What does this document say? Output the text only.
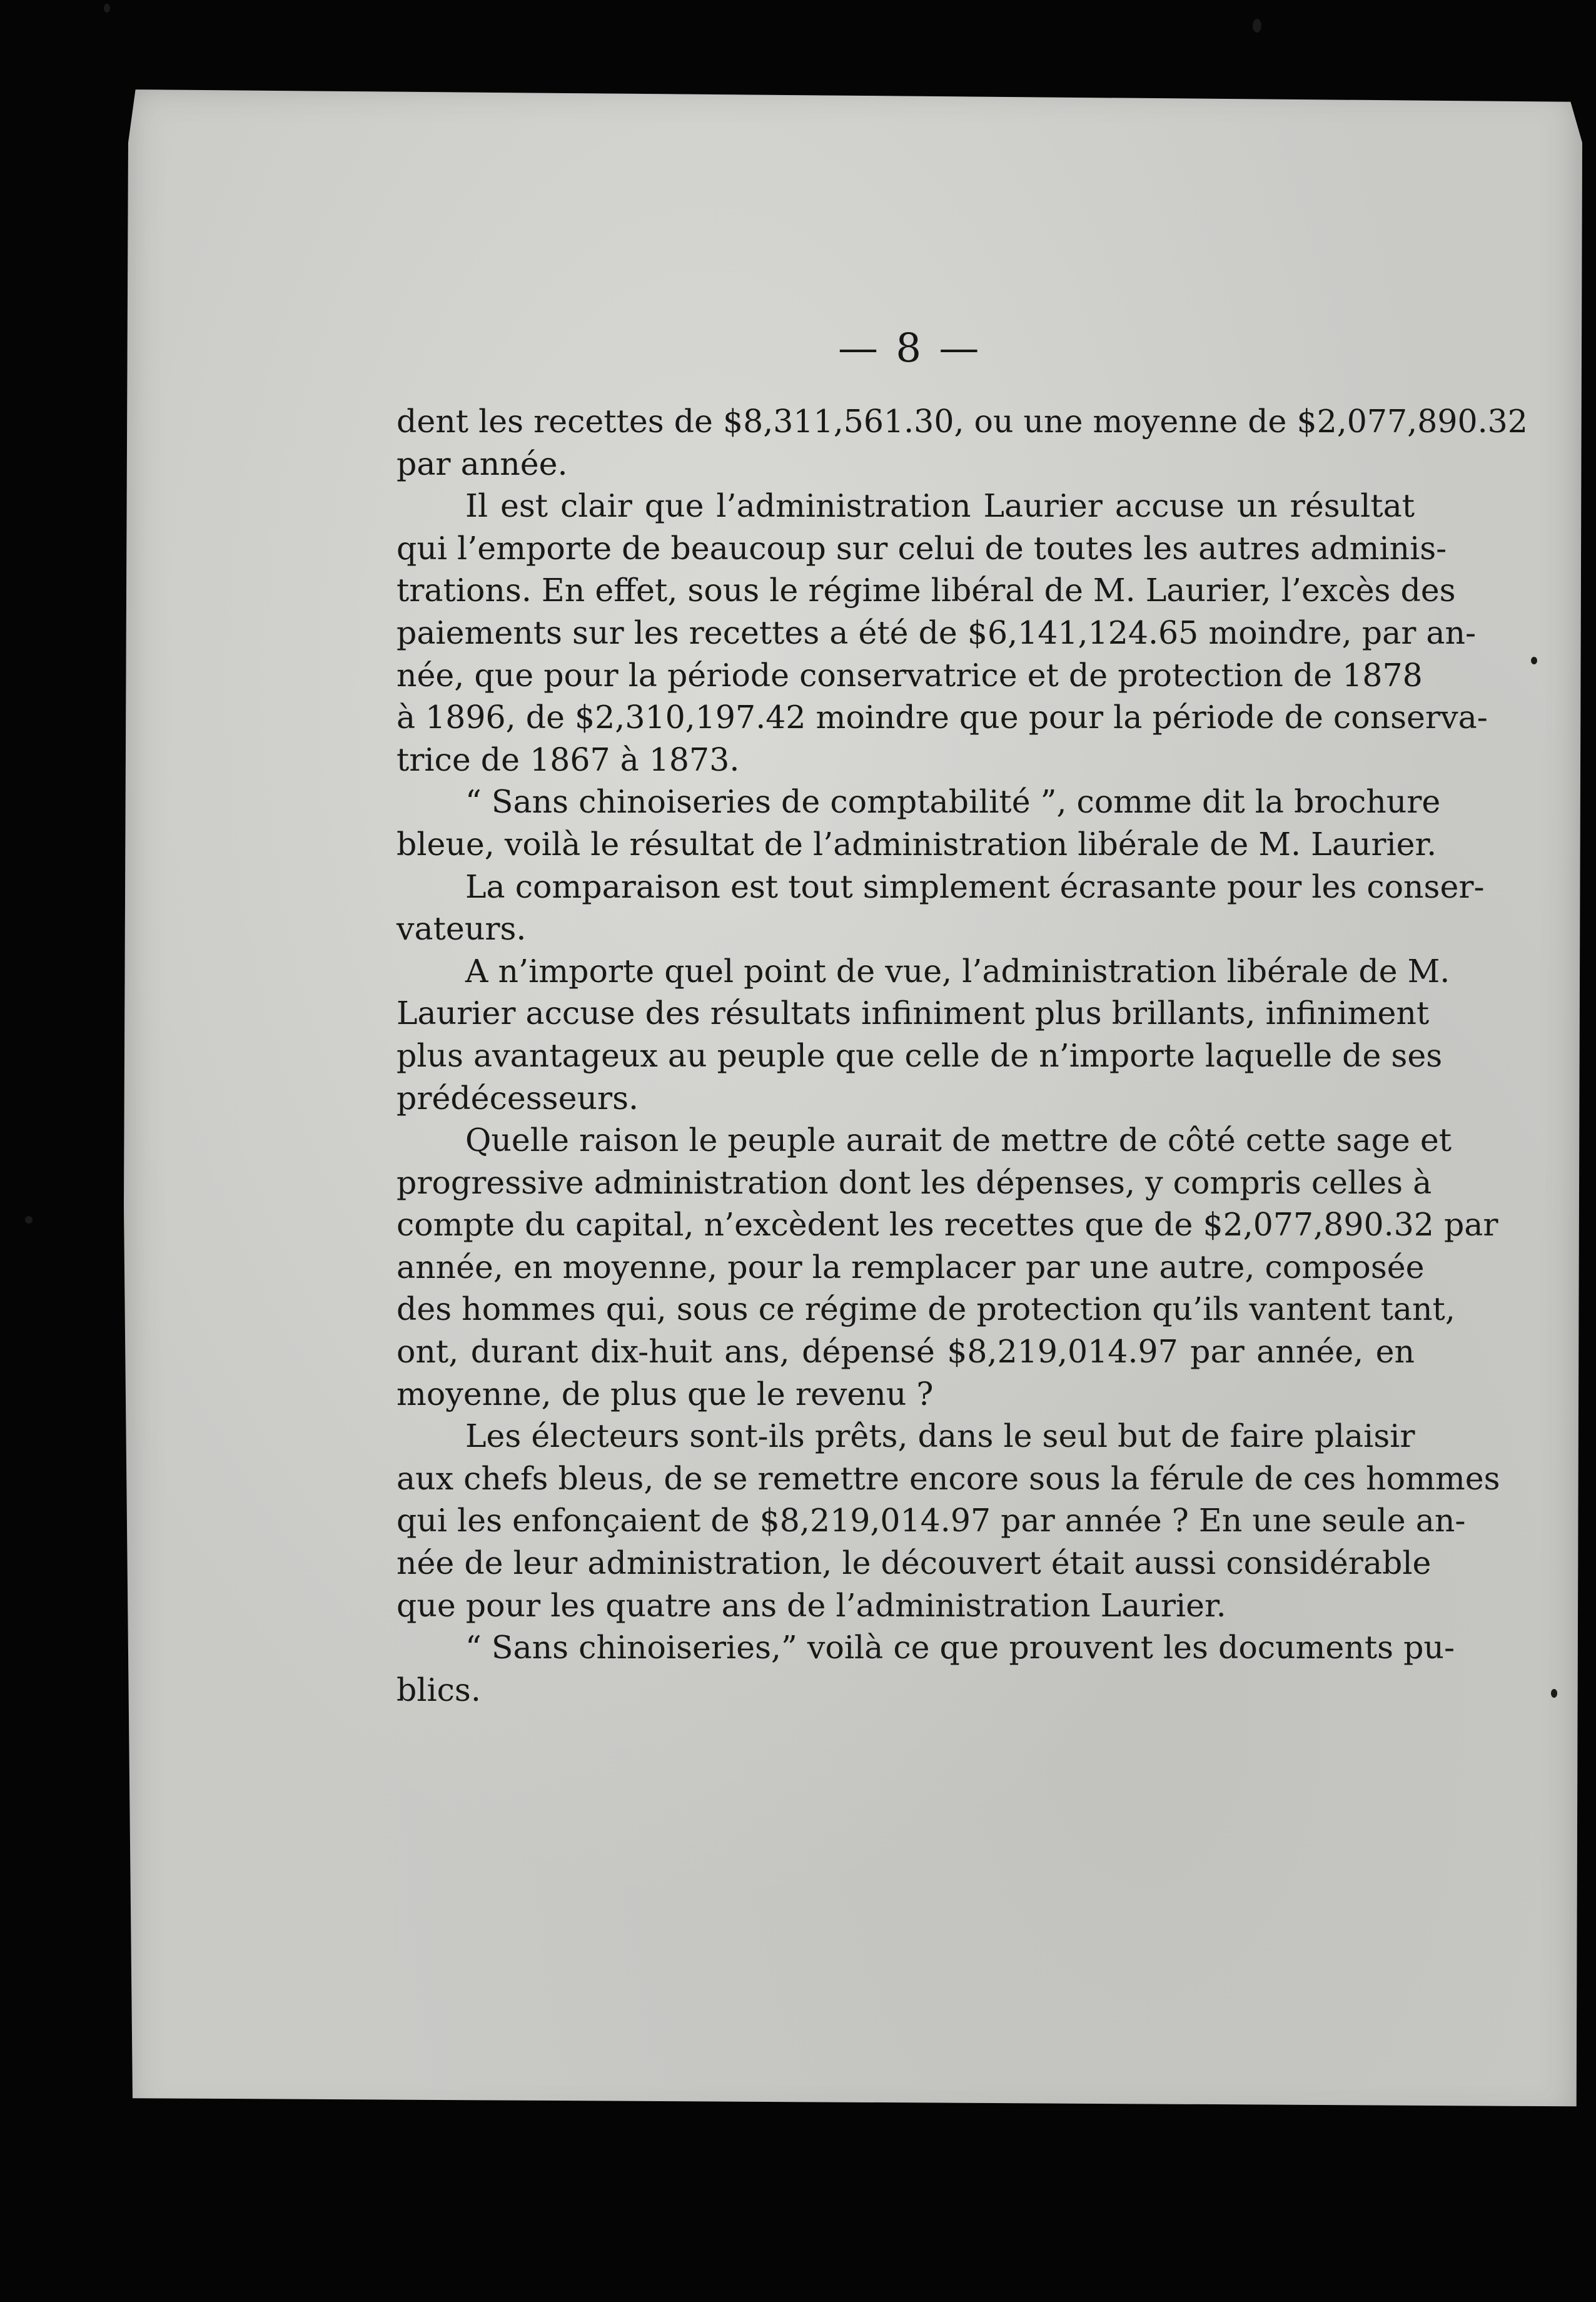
— 8 —
dent les recettes de $8,311,561.30, ou une moyenne de $2,077,890.32
par année.
Il est clair que l’administration Laurier accuse un résultat
qui l’emporte de beaucoup sur celui de toutes les autres adminis-
trations. En effet, sous le régime libéral de M. Laurier, l’excès des
paiements sur les recettes a été de $6,141,124.65 moindre, par an-
née, que pour la période conservatrice et de protection de 1878
à 1896, de $2,310,197.42 moindre que pour la période de conserva-
trice de 1867 à 1873.
“ Sans chinoiseries de comptabilité ”, comme dit la brochure
bleue, voilà le résultat de l’administration libérale de M. Laurier.
La comparaison est tout simplement écrasante pour les conser-
vateurs.
A n’importe quel point de vue, l’administration libérale de M.
Laurier accuse des résultats infiniment plus brillants, infiniment
plus avantageux au peuple que celle de n’importe laquelle de ses
prédécesseurs.
Quelle raison le peuple aurait de mettre de côté cette sage et
progressive administration dont les dépenses, y compris celles à
compte du capital, n’excèdent les recettes que de $2,077,890.32 par
année, en moyenne, pour la remplacer par une autre, composée
des hommes qui, sous ce régime de protection qu’ils vantent tant,
ont, durant dix-huit ans, dépensé $8,219,014.97 par année, en
moyenne, de plus que le revenu ?
Les électeurs sont-ils prêts, dans le seul but de faire plaisir
aux chefs bleus, de se remettre encore sous la férule de ces hommes
qui les enfonçaient de $8,219,014.97 par année ? En une seule an-
née de leur administration, le découvert était aussi considérable
que pour les quatre ans de l’administration Laurier.
“ Sans chinoiseries,” voilà ce que prouvent les documents pu-
blics.
